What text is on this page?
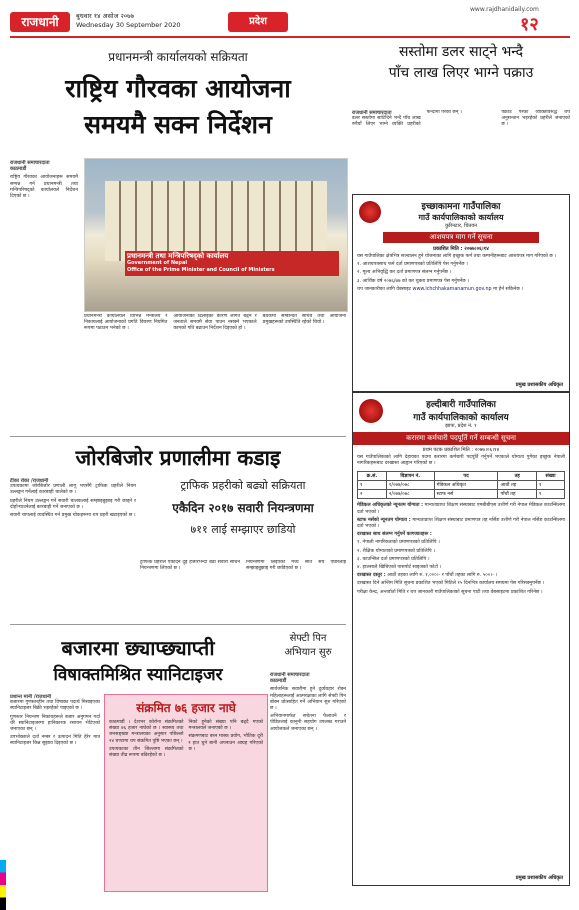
राजधानी	बुधवार १४ असोज २०७७
Wednesday 30 September 2020	प्रदेश
www.rajdhanidaily.com
१२
प्रधानमन्त्री कार्यालयको सक्रियता
राष्ट्रिय गौरवका आयोजना
समयमै सक्न निर्देशन
राजधानी समाचारदाता
काठमाडौं

राष्ट्रिय गौरवका आयोजनाहरू समयमै सम्पन्न गर्न प्रधानमन्त्री तथा मन्त्रिपरिषद्को कार्यालयले निर्देशन दिएको छ ।

प्रधानमन्त्री तथा मन्त्रिपरिषद्को कार्यालय
Government of Nepal
Office of the Prime Minister and Council of Ministers

प्रधानमन्त्री कार्यालयले विभिन्न मन्त्रालय र निकायलाई आयोजनाको प्रगति विवरण नियमित रूपमा पठाउन भनेको छ ।

आयोजनाको ढिलाइका कारण लागत बढ्ने र जनताले समयमै सेवा पाउन नसक्ने भएकाले कामको गति बढाउन निर्देशन दिइएको हो ।

बैठकमा सम्बन्धित सचिव तथा आयोजना प्रमुखहरूको उपस्थिति रहेको थियो ।

सस्तोमा डलर साट्ने भन्दै
पाँच लाख लिएर भाग्ने पक्राउ
राजधानी समाचारदाता

डलर सस्तोमा साटिदिने भन्दै पाँच लाख रुपैयाँ लिएर भाग्ने व्यक्ति प्रहरीको फन्दामा परेका छन् ।	पक्राउ परेका व्यक्तिविरुद्ध थप अनुसन्धान भइरहेको प्रहरीले जनाएको छ ।

इच्छाकामना गाउँपालिका
गाउँ कार्यपालिकाको कार्यालय
कुरिनटार, चितवन
आशयपत्र माग गर्ने सूचना
प्रकाशित मिति : २०७७।०६।१४

यस गाउँपालिका क्षेत्रभित्र सञ्चालन हुने योजनाका लागि इच्छुक फर्म तथा कम्पनीहरूबाट आशयपत्र माग गरिएको छ ।

१. आशयपत्रसाथ फर्म दर्ता प्रमाणपत्रको प्रतिलिपि पेस गर्नुपर्नेछ ।

२. मूल्य अभिवृद्धि कर दर्ता प्रमाणपत्र संलग्न गर्नुपर्नेछ ।

३. आर्थिक वर्ष २०७६/७७ को कर चुक्ता प्रमाणपत्र पेस गर्नुपर्नेछ ।

थप जानकारीका लागि वेबसाइट www.ichchhakamanamun.gov.np मा हेर्न सकिनेछ ।

प्रमुख प्रशासकीय अधिकृत
जोरबिजोर प्रणालीमा कडाइ
टीका रोका /राजधानी

उपत्यकामा जोरबिजोर प्रणाली लागू भएसँगै ट्राफिक प्रहरीले नियम उल्लङ्घन गर्नेलाई कारबाही थालेको छ ।

प्रहरीले नियम उल्लङ्घन गर्ने सवारी चालकलाई सम्झाइबुझाइ गरी छाड्ने र दोहोर्‍याउनेलाई कारबाही गर्ने जनाएको छ ।

सवारी चापलाई व्यवस्थित गर्न प्रमुख चोकहरूमा थप प्रहरी खटाइएको छ ।

ट्राफिक प्रहरीको बढ्यो सक्रियता
एकैदिन २०१७ सवारी नियन्त्रणमा
७११ लाई सम्झाएर छाडियो

ट्राफिक प्रहरीले एकैदिन दुई हजारभन्दा बढी सवारी साधन नियन्त्रणमा लिएको छ ।

नियन्त्रणमा लिइएका मध्ये सात सय एघारलाई सम्झाइबुझाइ गरी छाडिएको छ ।

हल्दीबारी गाउँपालिका
गाउँ कार्यपालिकाको कार्यालय
झापा, प्रदेश नं. १
करारमा कर्मचारी पदपूर्ति गर्ने सम्बन्धी सूचना
प्रथम पटक प्रकाशित मिति : २०७७।०६।१४

यस गाउँपालिकाको लागि देहायका पदमा करारमा कर्मचारी पदपूर्ति गर्नुपर्ने भएकाले योग्यता पुगेका इच्छुक नेपाली नागरिकहरूबाट दरखास्त आह्वान गरिएको छ ।

क्र.सं.	विज्ञापन नं.	पद	तह	संख्या
१	१/०७७/०७८	मेडिकल अधिकृत	आठौं तह	१
२	२/०७७/०७८	स्टाफ नर्स	पाँचौं तह	१

मेडिकल अधिकृतको न्यूनतम योग्यता : मान्यताप्राप्त शिक्षण संस्थाबाट एमबीबीएस उत्तीर्ण गरी नेपाल मेडिकल काउन्सिलमा दर्ता भएको ।

स्टाफ नर्सको न्यूनतम योग्यता : मान्यताप्राप्त शिक्षण संस्थाबाट प्रमाणपत्र तह नर्सिङ उत्तीर्ण गरी नेपाल नर्सिङ काउन्सिलमा दर्ता भएको ।

दरखास्त साथ संलग्न गर्नुपर्ने कागजातहरू :

१. नेपाली नागरिकताको प्रमाणपत्रको प्रतिलिपि ।

२. शैक्षिक योग्यताको प्रमाणपत्रको प्रतिलिपि ।

३. काउन्सिल दर्ता प्रमाणपत्रको प्रतिलिपि ।

४. हालसालै खिचिएको पासपोर्ट साइजको फोटो ।

दरखास्त दस्तुर : आठौं तहका लागि रु. १,०००।- र पाँचौं तहका लागि रु. ५००।- ।

दरखास्त दिने अन्तिम मिति सूचना प्रकाशित भएको मितिले १५ दिनभित्र कार्यालय समयमा पेस गरिसक्नुपर्नेछ ।

परीक्षा केन्द्र, अन्तर्वार्ता मिति र थप जानकारी गाउँपालिकाको सूचना पाटी तथा वेबसाइटमा प्रकाशित गरिनेछ ।

प्रमुख प्रशासकीय अधिकृत
बजारमा छ्याप्छ्याप्ती
विषाक्तमिश्रित स्यानिटाइजर
सेफ्टी पिन
अभियान सुरु
प्रशान्त मानी /राजधानी

बजारमा गुणस्तरहीन तथा विषाक्त पदार्थ मिसाइएका स्यानिटाइजर बिक्री भइरहेको पाइएको छ ।

गुणस्तर नियन्त्रण निकायहरूले बजार अनुगमन गर्दा धेरै स्यानिटाइजरमा हानिकारक रसायन भेटिएको जनाएका छन् ।

उपभोक्ताले दर्ता नम्बर र उत्पादन मिति हेरेर मात्र स्यानिटाइजर किन्न सुझाव दिइएको छ ।

संक्रमित ७६ हजार नाघे

काठमाडौं । देशभर कोरोना संक्रमितको संख्या ७६ हजार नाघेको छ । स्वास्थ्य तथा जनसङ्ख्या मन्त्रालयका अनुसार पछिल्लो २४ घण्टामा थप संक्रमित पुष्टि भएका छन् ।

उपत्यकाका तीन जिल्लामा संक्रमितको संख्या तीव्र रूपमा बढिरहेको छ ।

निको हुनेको संख्या पनि बढ्दै गएको मन्त्रालयले जनाएको छ ।

संक्रमणबाट बच्न मास्क प्रयोग, भौतिक दूरी र हात धुने बानी अपनाउन आग्रह गरिएको छ ।

राजधानी समाचारदाता
काठमाडौं

सार्वजनिक सवारीमा हुने दुर्व्यवहार रोक्न महिलाहरूलाई आत्मरक्षाका लागि सेफ्टी पिन बोक्न प्रोत्साहित गर्ने अभियान सुरु गरिएको छ ।

अभियानमार्फत सचेतना फैलाउने र पीडितलाई कानुनी सहयोग उपलब्ध गराउने आयोजकले जनाएका छन् ।
